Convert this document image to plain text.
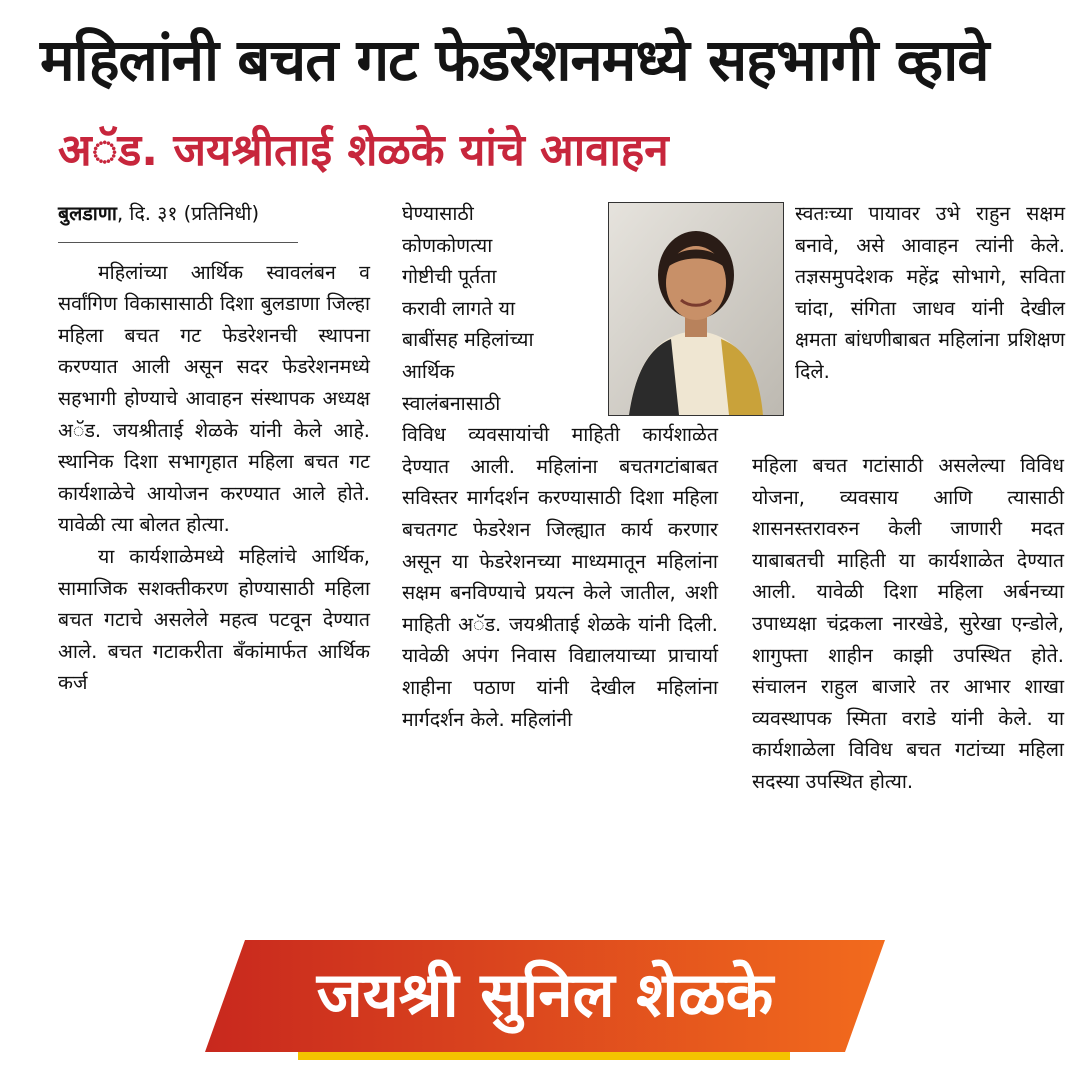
महिलांनी बचत गट फेडरेशनमध्ये सहभागी व्हावे
अॅड. जयश्रीताई शेळके यांचे आवाहन
बुलडाणा, दि. ३१ (प्रतिनिधी)

महिलांच्या आर्थिक स्वावलंबन व सर्वांगिण विकासासाठी दिशा बुलडाणा जिल्हा महिला बचत गट फेडरेशनची स्थापना करण्यात आली असून सदर फेडरेशनमध्ये सहभागी होण्याचे आवाहन संस्थापक अध्यक्ष अॅड. जयश्रीताई शेळके यांनी केले आहे. स्थानिक दिशा सभागृहात महिला बचत गट कार्यशाळेचे आयोजन करण्यात आले होते. यावेळी त्या बोलत होत्या.

या कार्यशाळेमध्ये महिलांचे आर्थिक, सामाजिक सशक्तीकरण होण्यासाठी महिला बचत गटाचे असलेले महत्व पटवून देण्यात आले. बचत गटाकरीता बँकांमार्फत आर्थिक कर्ज

घेण्यासाठी

कोणकोणत्या

गोष्टीची पूर्तता

करावी लागते या

बाबींसह महिलांच्या

आर्थिक

स्वालंबनासाठी

विविध व्यवसायांची माहिती कार्यशाळेत देण्यात आली. महिलांना बचतगटांबाबत सविस्तर मार्गदर्शन करण्यासाठी दिशा महिला बचतगट फेडरेशन जिल्ह्यात कार्य करणार असून या फेडरेशनच्या माध्यमातून महिलांना सक्षम बनविण्याचे प्रयत्न केले जातील, अशी माहिती अॅड. जयश्रीताई शेळके यांनी दिली. यावेळी अपंग निवास विद्यालयाच्या प्राचार्या शाहीना पठाण यांनी देखील महिलांना मार्गदर्शन केले. महिलांनी

स्वतःच्या पायावर उभे राहुन सक्षम बनावे, असे आवाहन त्यांनी केले. तज्ञसमुपदेशक महेंद्र सोभागे, सविता चांदा, संगिता जाधव यांनी देखील क्षमता बांधणीबाबत महिलांना प्रशिक्षण दिले.

महिला बचत गटांसाठी असलेल्या विविध योजना, व्यवसाय आणि त्यासाठी शासनस्तरावरुन केली जाणारी मदत याबाबतची माहिती या कार्यशाळेत देण्यात आली. यावेळी दिशा महिला अर्बनच्या उपाध्यक्षा चंद्रकला नारखेडे, सुरेखा एन्डोले, शागुफ्ता शाहीन काझी उपस्थित होते. संचालन राहुल बाजारे तर आभार शाखा व्यवस्थापक स्मिता वराडे यांनी केले. या कार्यशाळेला विविध बचत गटांच्या महिला सदस्या उपस्थित होत्या.

जयश्री सुनिल शेळके
